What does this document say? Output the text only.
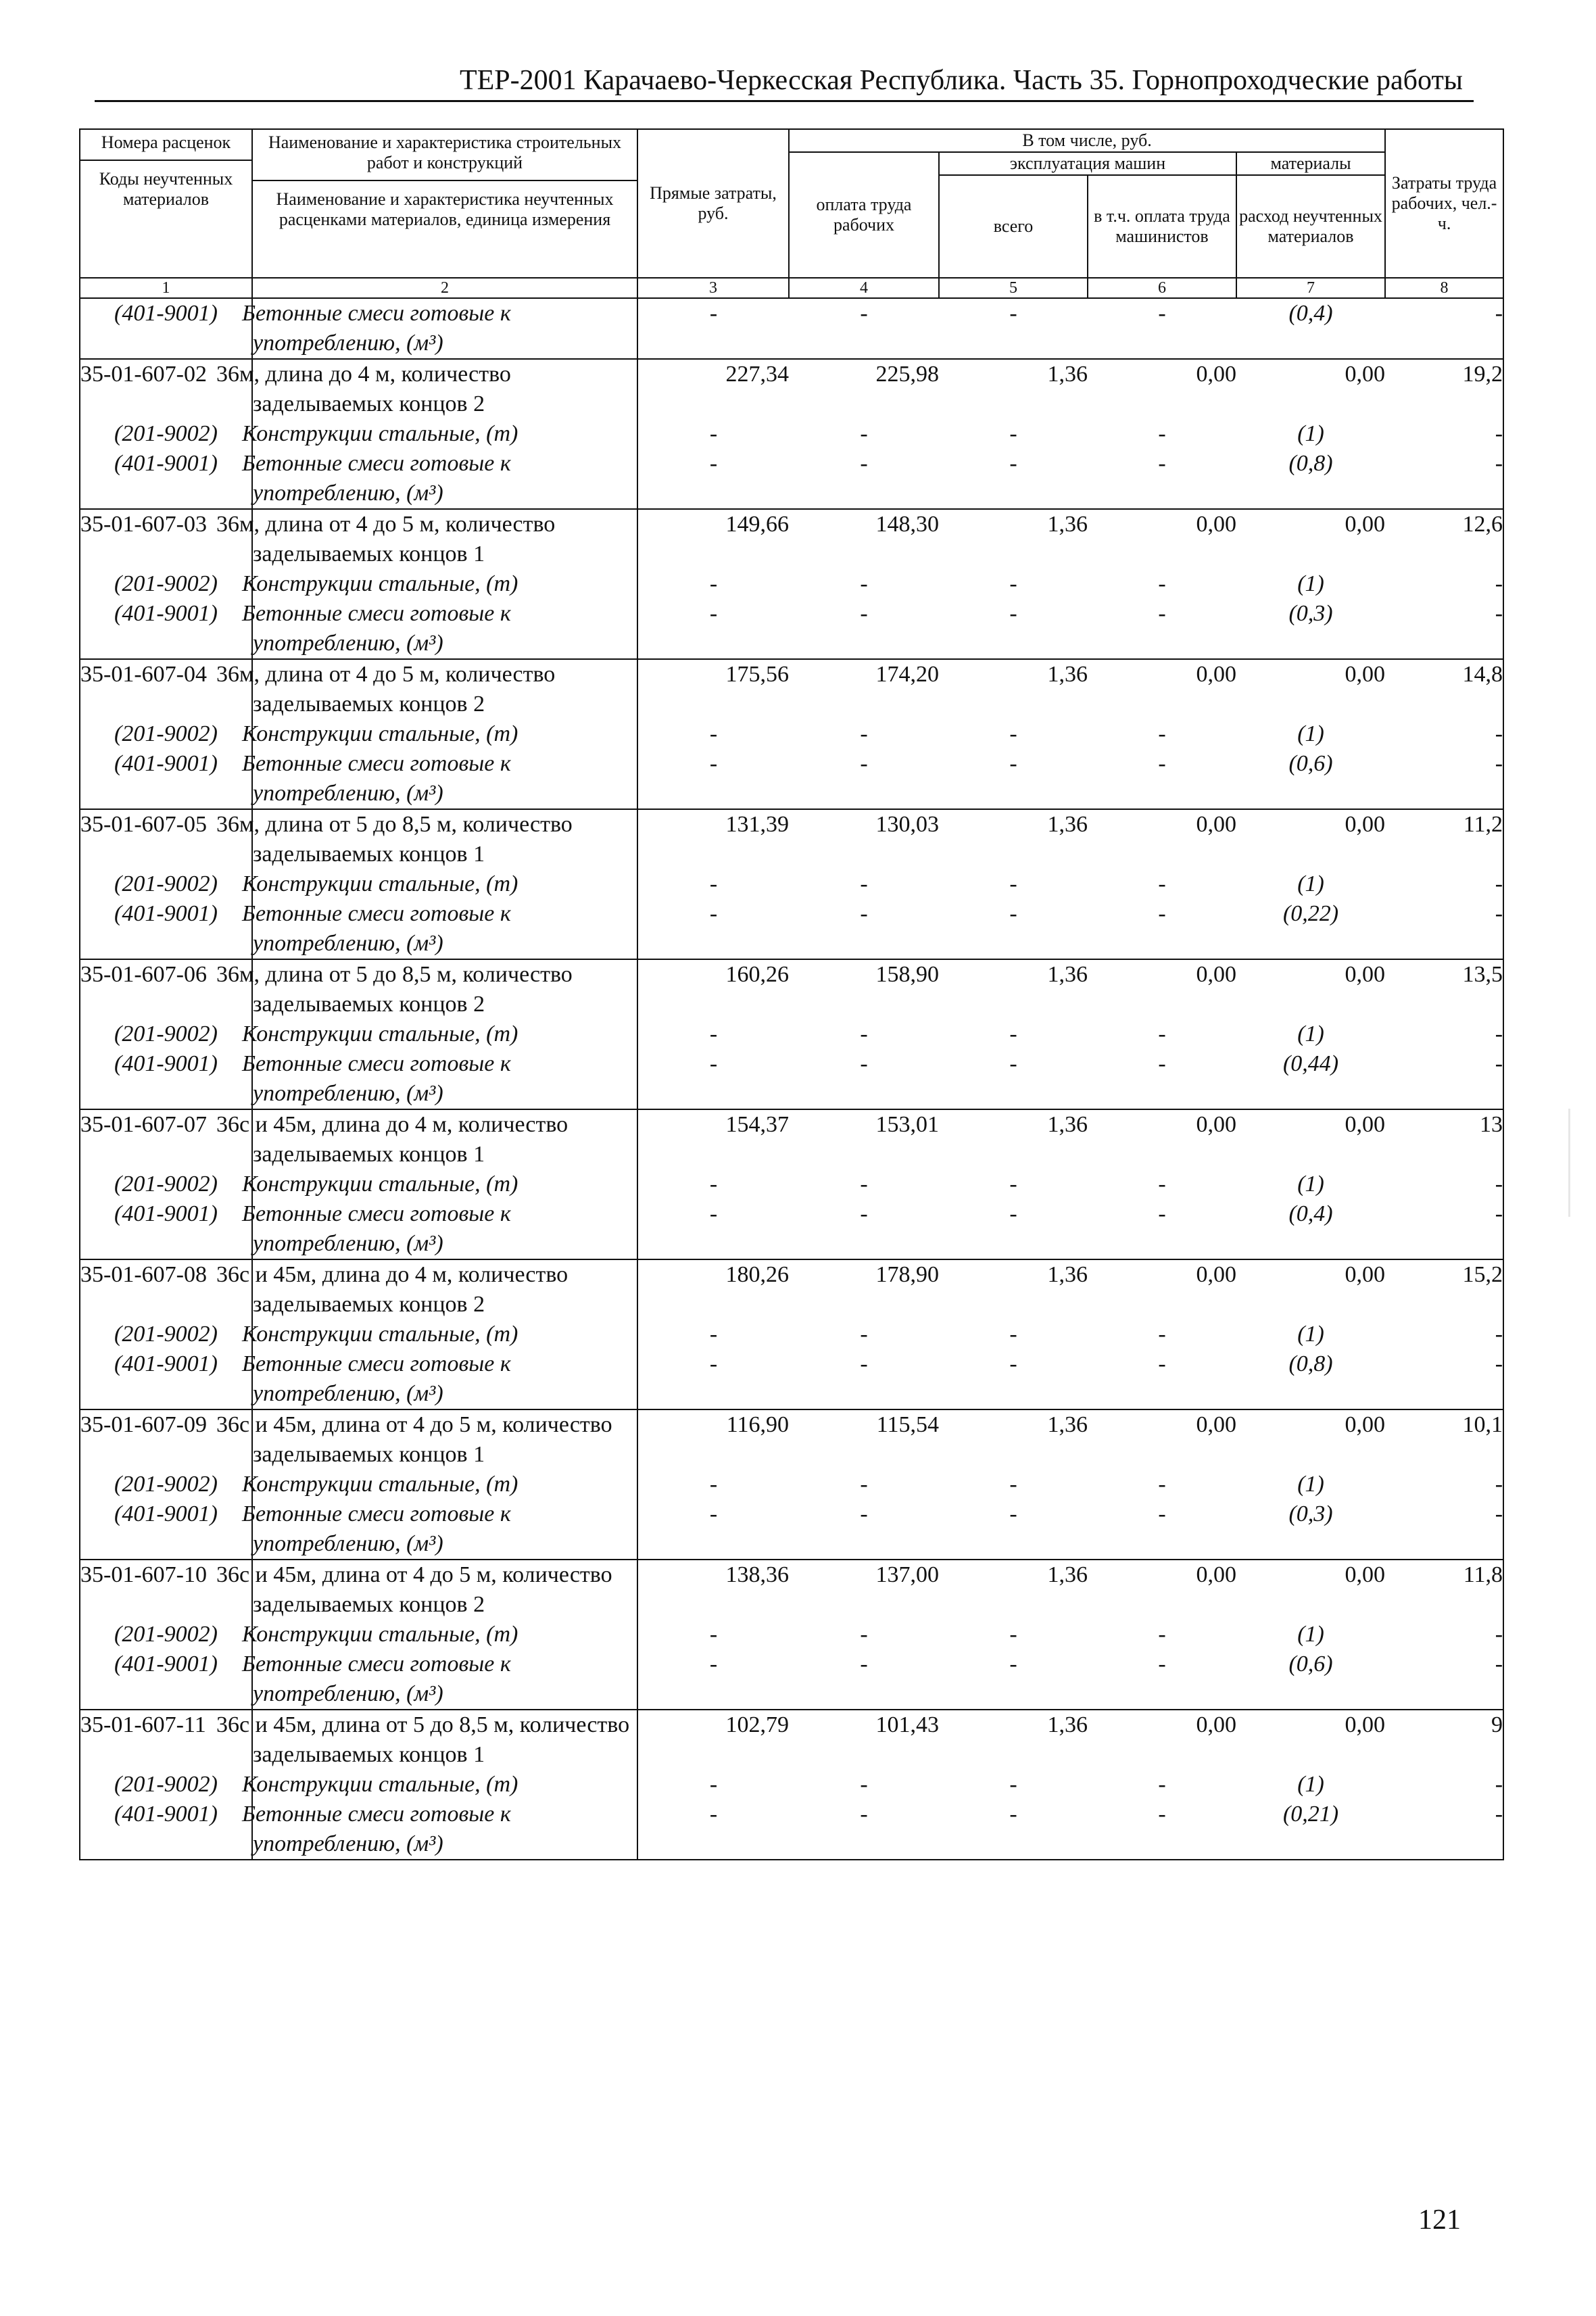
ТЕР-2001 Карачаево-Черкесская Республика. Часть 35. Горнопроходческие работы
Номера расценок
Коды неучтенных материалов	Наименование и характеристика строительных работ и конструкций
Наименование и характеристика неучтенных расценками материалов, единица измерения	Прямые затраты, руб.	В том числе, руб.				Затраты труда рабочих, чел.-ч.
			оплата труда рабочих	эксплуатация машин		материалы	
				всего	в т.ч. оплата труда машинистов	расход неучтенных материалов	
1	2	3	4	5	6	7	8
(401-9001)	Бетонные смеси готовые к употреблению, (м³)	-	-	-	-	(0,4)	-
35-01-607-02	36м, длина до 4 м, количество заделываемых концов 2	227,34	225,98	1,36	0,00	0,00	19,2
(201-9002)	Конструкции стальные, (т)	-	-	-	-	(1)	-
(401-9001)	Бетонные смеси готовые к употреблению, (м³)	-	-	-	-	(0,8)	-
35-01-607-03	36м, длина от 4 до 5 м, количество заделываемых концов 1	149,66	148,30	1,36	0,00	0,00	12,6
(201-9002)	Конструкции стальные, (т)	-	-	-	-	(1)	-
(401-9001)	Бетонные смеси готовые к употреблению, (м³)	-	-	-	-	(0,3)	-
35-01-607-04	36м, длина от 4 до 5 м, количество заделываемых концов 2	175,56	174,20	1,36	0,00	0,00	14,8
(201-9002)	Конструкции стальные, (т)	-	-	-	-	(1)	-
(401-9001)	Бетонные смеси готовые к употреблению, (м³)	-	-	-	-	(0,6)	-
35-01-607-05	36м, длина от 5 до 8,5 м, количество заделываемых концов 1	131,39	130,03	1,36	0,00	0,00	11,2
(201-9002)	Конструкции стальные, (т)	-	-	-	-	(1)	-
(401-9001)	Бетонные смеси готовые к употреблению, (м³)	-	-	-	-	(0,22)	-
35-01-607-06	36м, длина от 5 до 8,5 м, количество заделываемых концов 2	160,26	158,90	1,36	0,00	0,00	13,5
(201-9002)	Конструкции стальные, (т)	-	-	-	-	(1)	-
(401-9001)	Бетонные смеси готовые к употреблению, (м³)	-	-	-	-	(0,44)	-
35-01-607-07	36с и 45м, длина до 4 м, количество заделываемых концов 1	154,37	153,01	1,36	0,00	0,00	13
(201-9002)	Конструкции стальные, (т)	-	-	-	-	(1)	-
(401-9001)	Бетонные смеси готовые к употреблению, (м³)	-	-	-	-	(0,4)	-
35-01-607-08	36с и 45м, длина до 4 м, количество заделываемых концов 2	180,26	178,90	1,36	0,00	0,00	15,2
(201-9002)	Конструкции стальные, (т)	-	-	-	-	(1)	-
(401-9001)	Бетонные смеси готовые к употреблению, (м³)	-	-	-	-	(0,8)	-
35-01-607-09	36с и 45м, длина от 4 до 5 м, количество заделываемых концов 1	116,90	115,54	1,36	0,00	0,00	10,1
(201-9002)	Конструкции стальные, (т)	-	-	-	-	(1)	-
(401-9001)	Бетонные смеси готовые к употреблению, (м³)	-	-	-	-	(0,3)	-
35-01-607-10	36с и 45м, длина от 4 до 5 м, количество заделываемых концов 2	138,36	137,00	1,36	0,00	0,00	11,8
(201-9002)	Конструкции стальные, (т)	-	-	-	-	(1)	-
(401-9001)	Бетонные смеси готовые к употреблению, (м³)	-	-	-	-	(0,6)	-
35-01-607-11	36с и 45м, длина от 5 до 8,5 м, количество заделываемых концов 1	102,79	101,43	1,36	0,00	0,00	9
(201-9002)	Конструкции стальные, (т)	-	-	-	-	(1)	-
(401-9001)	Бетонные смеси готовые к употреблению, (м³)	-	-	-	-	(0,21)	-
121
